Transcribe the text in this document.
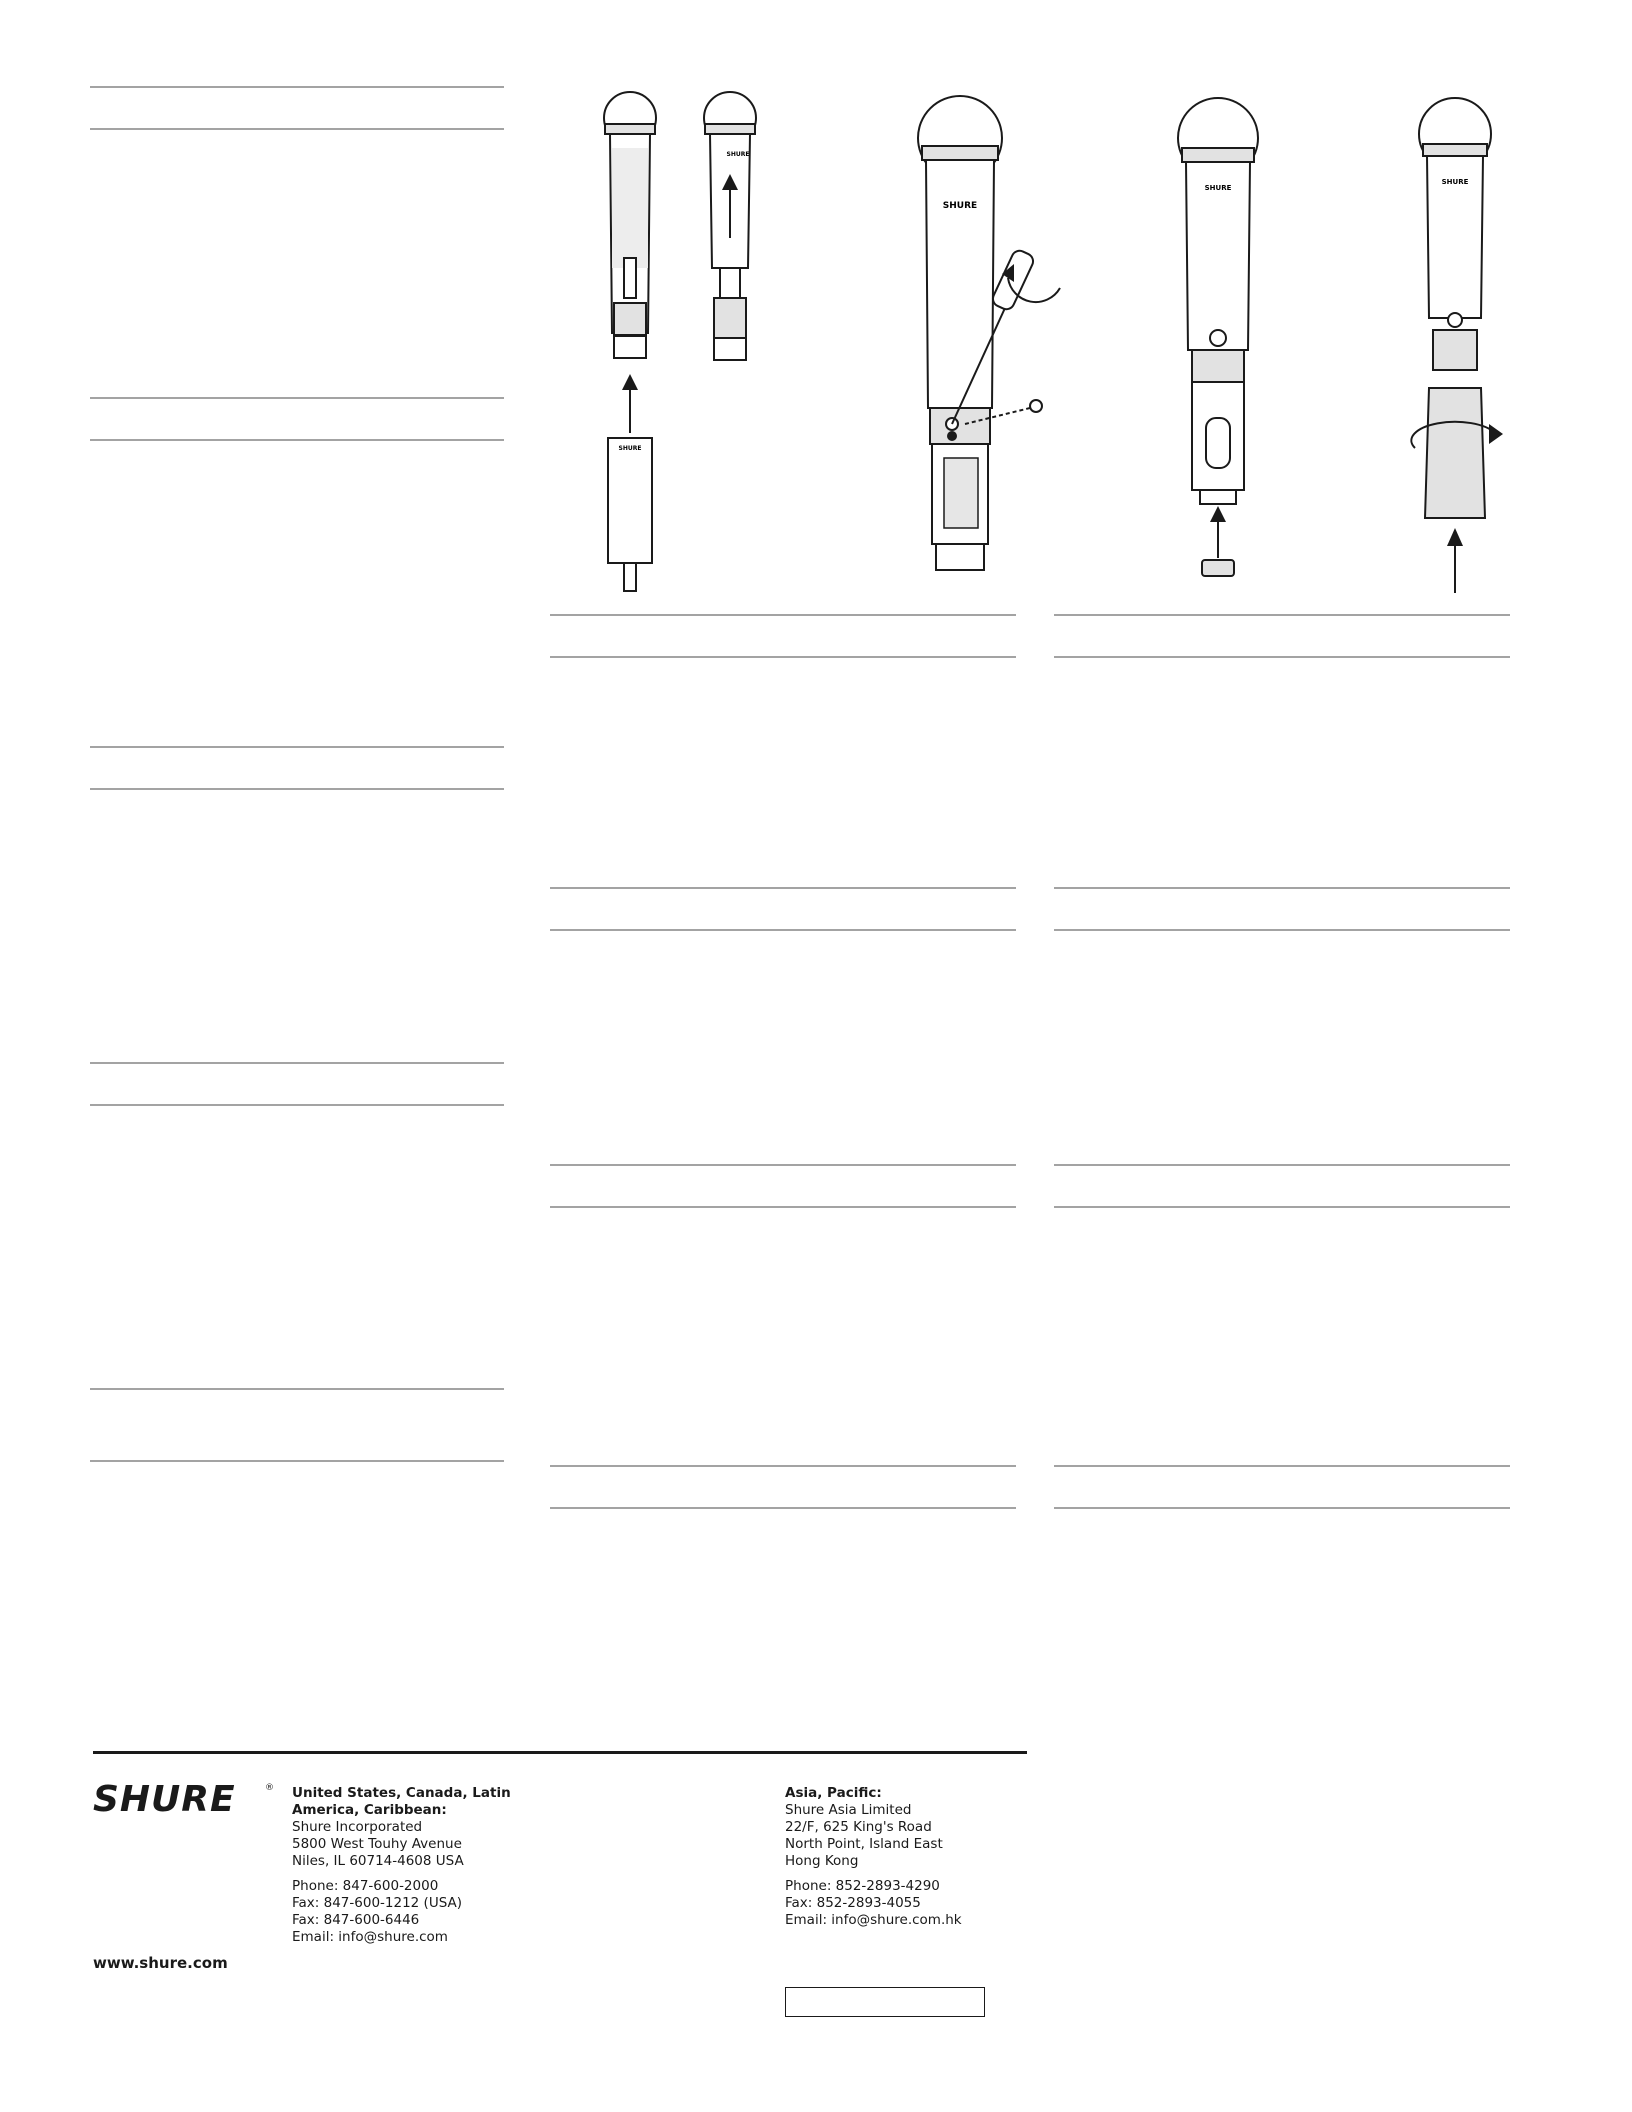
SHURE
SHURE
SHURE
SHURE
SHURE
SHURE	® United States, Canada, Latin
America, Caribbean:
Shure Incorporated
5800 West Touhy Avenue
Niles, IL 60714-4608 USA
Phone: 847-600-2000
Fax: 847-600-1212 (USA)
Fax: 847-600-6446
Email: info@shure.com
Asia, Pacific:
Shure Asia Limited
22/F, 625 King's Road
North Point, Island East
Hong Kong
Phone: 852-2893-4290
Fax: 852-2893-4055
Email: info@shure.com.hk
www.shure.com
